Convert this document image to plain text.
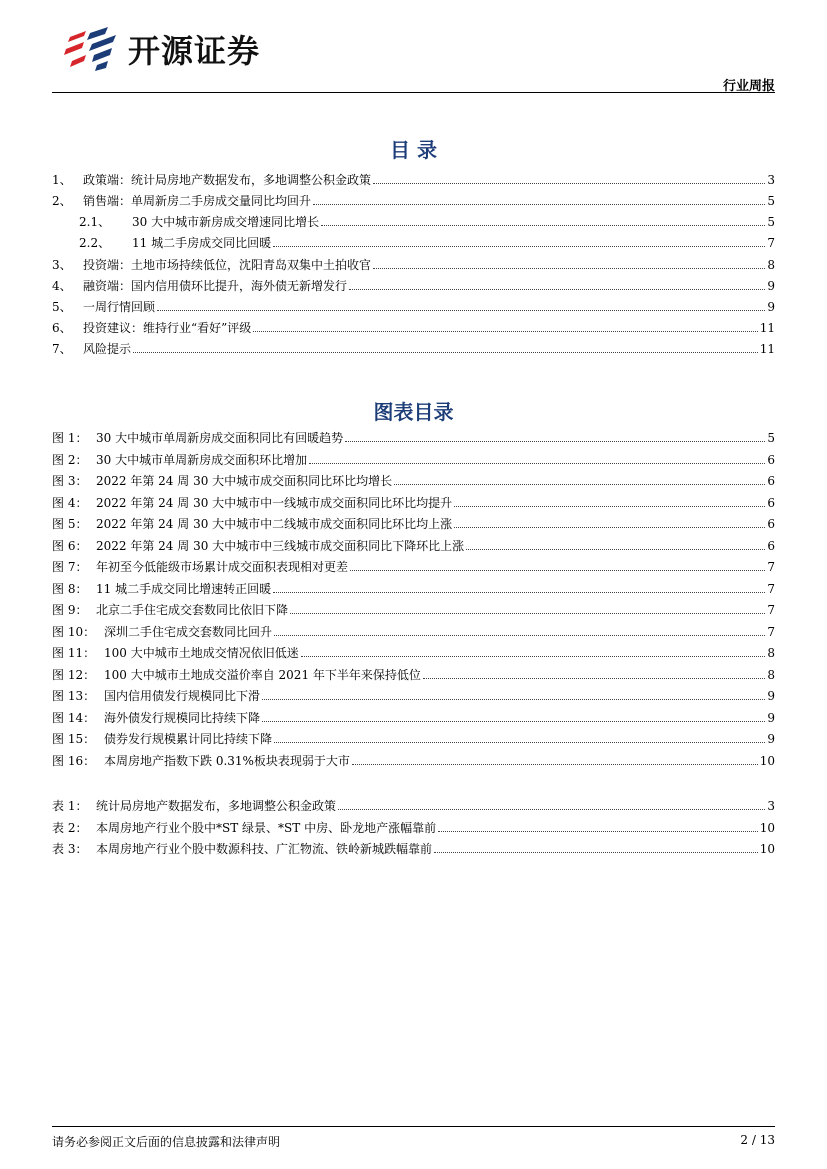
开源证券
行业周报
目 录
1、 政策端：统计局房地产数据发布，多地调整公积金政策	3
2、 销售端：单周新房二手房成交量同比均回升	5
2.1、	30 大中城市新房成交增速同比增长	5
2.2、	11 城二手房成交同比回暖	7
3、 投资端：土地市场持续低位，沈阳青岛双集中土拍收官	8
4、 融资端：国内信用债环比提升，海外债无新增发行	9
5、 一周行情回顾	9
6、 投资建议：维持行业“看好”评级	11
7、 风险提示	11
图表目录
图 1： 30 大中城市单周新房成交面积同比有回暖趋势	5
图 2： 30 大中城市单周新房成交面积环比增加	6
图 3： 2022 年第 24 周 30 大中城市成交面积同比环比均增长	6
图 4： 2022 年第 24 周 30 大中城市中一线城市成交面积同比环比均提升	6
图 5： 2022 年第 24 周 30 大中城市中二线城市成交面积同比环比均上涨	6
图 6： 2022 年第 24 周 30 大中城市中三线城市成交面积同比下降环比上涨	6
图 7： 年初至今低能级市场累计成交面积表现相对更差	7
图 8： 11 城二手成交同比增速转正回暖	7
图 9： 北京二手住宅成交套数同比依旧下降	7
图 10： 深圳二手住宅成交套数同比回升	7
图 11： 100 大中城市土地成交情况依旧低迷	8
图 12： 100 大中城市土地成交溢价率自 2021 年下半年来保持低位	8
图 13： 国内信用债发行规模同比下滑	9
图 14： 海外债发行规模同比持续下降	9
图 15： 债券发行规模累计同比持续下降	9
图 16： 本周房地产指数下跌 0.31%板块表现弱于大市	10
表 1： 统计局房地产数据发布，多地调整公积金政策	3
表 2： 本周房地产行业个股中*ST 绿景、*ST 中房、卧龙地产涨幅靠前	10
表 3： 本周房地产行业个股中数源科技、广汇物流、铁岭新城跌幅靠前	10
请务必参阅正文后面的信息披露和法律声明	2 / 13
